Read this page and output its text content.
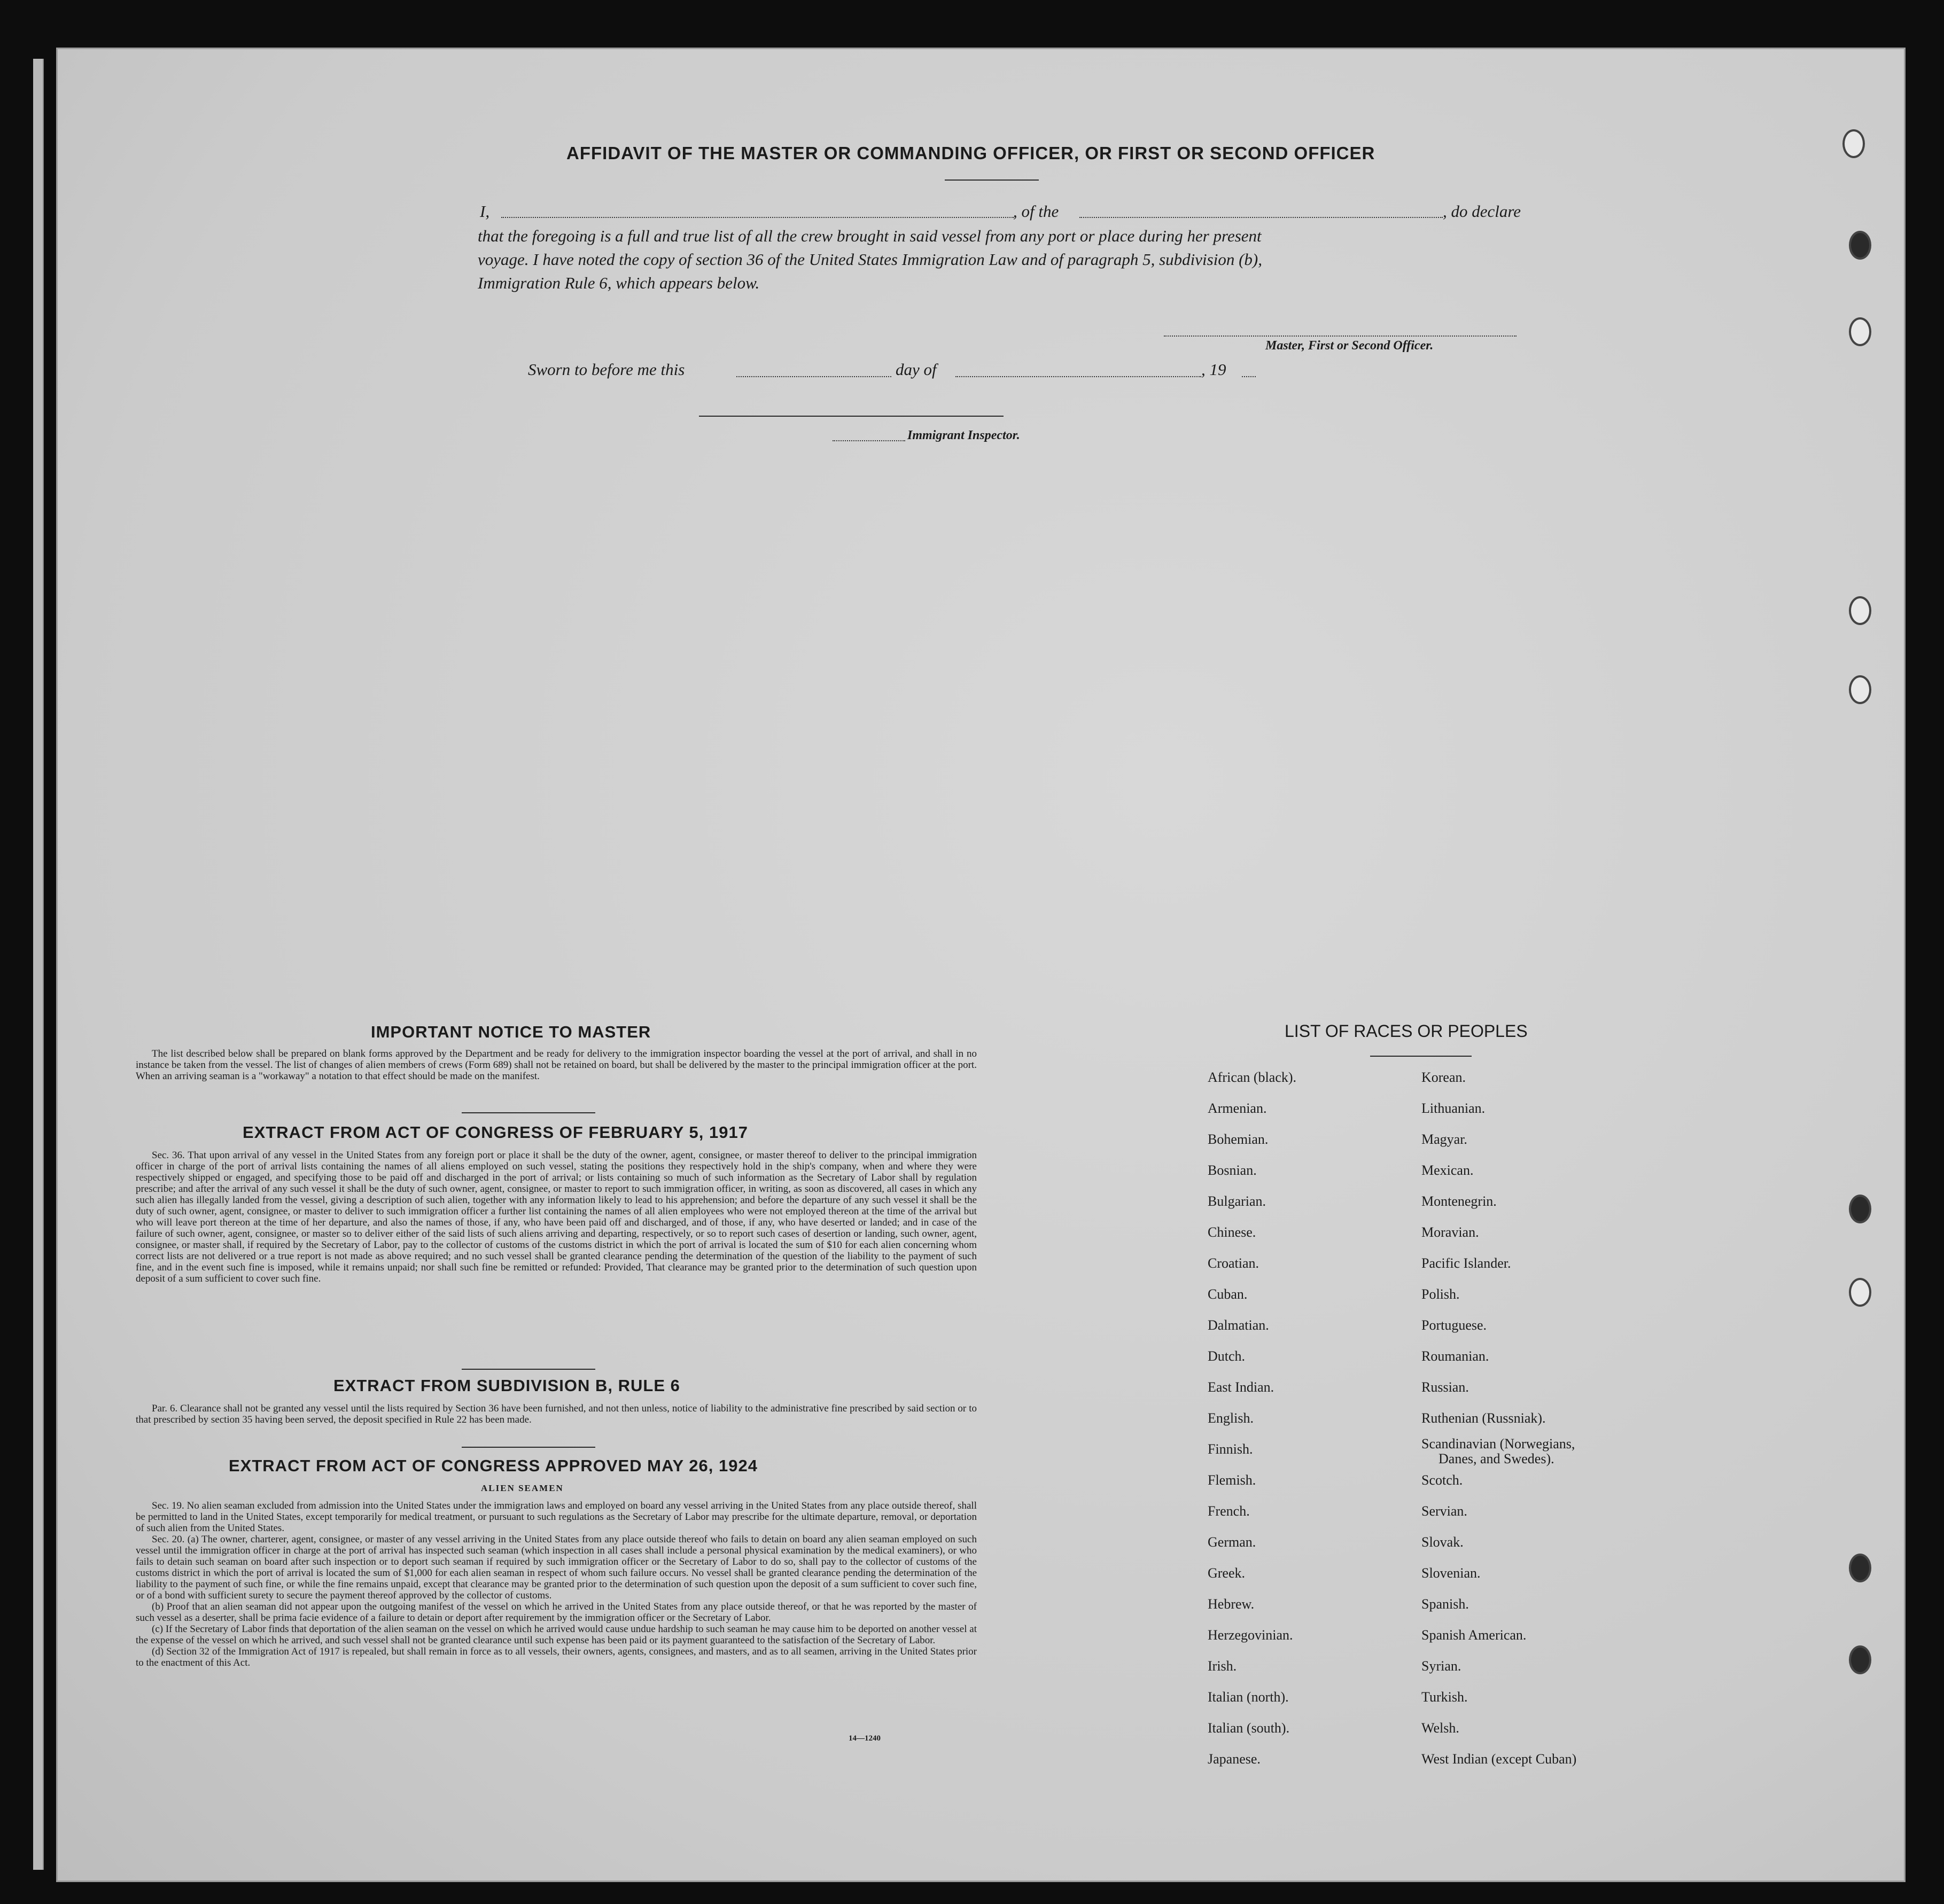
AFFIDAVIT OF THE MASTER OR COMMANDING OFFICER, OR FIRST OR SECOND OFFICER
I,	, of the	, do declare
that the foregoing is a full and true list of all the crew brought in said vessel from any port or place during her present
voyage. I have noted the copy of section 36 of the United States Immigration Law and of paragraph 5, subdivision (b),
Immigration Rule 6, which appears below.
Master, First or Second Officer.
Sworn to before me this	day of	, 19
Immigrant Inspector.
IMPORTANT NOTICE TO MASTER

The list described below shall be prepared on blank forms approved by the Department and be ready for delivery to the immigration inspector boarding the vessel at the port of arrival, and shall in no instance be taken from the vessel. The list of changes of alien members of crews (Form 689) shall not be retained on board, but shall be delivered by the master to the principal immigration officer at the port. When an arriving seaman is a "workaway" a notation to that effect should be made on the manifest.

EXTRACT FROM ACT OF CONGRESS OF FEBRUARY 5, 1917

Sec. 36. That upon arrival of any vessel in the United States from any foreign port or place it shall be the duty of the owner, agent, consignee, or master thereof to deliver to the principal immigration officer in charge of the port of arrival lists containing the names of all aliens employed on such vessel, stating the positions they respectively hold in the ship's company, when and where they were respectively shipped or engaged, and specifying those to be paid off and discharged in the port of arrival; or lists containing so much of such information as the Secretary of Labor shall by regulation prescribe; and after the arrival of any such vessel it shall be the duty of such owner, agent, consignee, or master to report to such immigration officer, in writing, as soon as discovered, all cases in which any such alien has illegally landed from the vessel, giving a description of such alien, together with any information likely to lead to his apprehension; and before the departure of any such vessel it shall be the duty of such owner, agent, consignee, or master to deliver to such immigration officer a further list containing the names of all alien employees who were not employed thereon at the time of the arrival but who will leave port thereon at the time of her departure, and also the names of those, if any, who have been paid off and discharged, and of those, if any, who have deserted or landed; and in case of the failure of such owner, agent, consignee, or master so to deliver either of the said lists of such aliens arriving and departing, respectively, or so to report such cases of desertion or landing, such owner, agent, consignee, or master shall, if required by the Secretary of Labor, pay to the collector of customs of the customs district in which the port of arrival is located the sum of $10 for each alien concerning whom correct lists are not delivered or a true report is not made as above required; and no such vessel shall be granted clearance pending the determination of the question of the liability to the payment of such fine, and in the event such fine is imposed, while it remains unpaid; nor shall such fine be remitted or refunded: Provided, That clearance may be granted prior to the determination of such question upon deposit of a sum sufficient to cover such fine.

EXTRACT FROM SUBDIVISION B, RULE 6

Par. 6. Clearance shall not be granted any vessel until the lists required by Section 36 have been furnished, and not then unless, notice of liability to the administrative fine prescribed by said section or to that prescribed by section 35 having been served, the deposit specified in Rule 22 has been made.

EXTRACT FROM ACT OF CONGRESS APPROVED MAY 26, 1924
ALIEN SEAMEN

Sec. 19. No alien seaman excluded from admission into the United States under the immigration laws and employed on board any vessel arriving in the United States from any place outside thereof, shall be permitted to land in the United States, except temporarily for medical treatment, or pursuant to such regulations as the Secretary of Labor may prescribe for the ultimate departure, removal, or deportation of such alien from the United States.

Sec. 20. (a) The owner, charterer, agent, consignee, or master of any vessel arriving in the United States from any place outside thereof who fails to detain on board any alien seaman employed on such vessel until the immigration officer in charge at the port of arrival has inspected such seaman (which inspection in all cases shall include a personal physical examination by the medical examiners), or who fails to detain such seaman on board after such inspection or to deport such seaman if required by such immigration officer or the Secretary of Labor to do so, shall pay to the collector of customs of the customs district in which the port of arrival is located the sum of $1,000 for each alien seaman in respect of whom such failure occurs. No vessel shall be granted clearance pending the determination of the liability to the payment of such fine, or while the fine remains unpaid, except that clearance may be granted prior to the determination of such question upon the deposit of a sum sufficient to cover such fine, or of a bond with sufficient surety to secure the payment thereof approved by the collector of customs.

(b) Proof that an alien seaman did not appear upon the outgoing manifest of the vessel on which he arrived in the United States from any place outside thereof, or that he was reported by the master of such vessel as a deserter, shall be prima facie evidence of a failure to detain or deport after requirement by the immigration officer or the Secretary of Labor.

(c) If the Secretary of Labor finds that deportation of the alien seaman on the vessel on which he arrived would cause undue hardship to such seaman he may cause him to be deported on another vessel at the expense of the vessel on which he arrived, and such vessel shall not be granted clearance until such expense has been paid or its payment guaranteed to the satisfaction of the Secretary of Labor.

(d) Section 32 of the Immigration Act of 1917 is repealed, but shall remain in force as to all vessels, their owners, agents, consignees, and masters, and as to all seamen, arriving in the United States prior to the enactment of this Act.

14—1240
LIST OF RACES OR PEOPLES
African (black).
Armenian.
Bohemian.
Bosnian.
Bulgarian.
Chinese.
Croatian.
Cuban.
Dalmatian.
Dutch.
East Indian.
English.
Finnish.
Flemish.
French.
German.
Greek.
Hebrew.
Herzegovinian.
Irish.
Italian (north).
Italian (south).
Japanese.
Korean.
Lithuanian.
Magyar.
Mexican.
Montenegrin.
Moravian.
Pacific Islander.
Polish.
Portuguese.
Roumanian.
Russian.
Ruthenian (Russniak).
Scandinavian (Norwegians,
Danes, and Swedes).
Scotch.
Servian.
Slovak.
Slovenian.
Spanish.
Spanish American.
Syrian.
Turkish.
Welsh.
West Indian (except Cuban)
